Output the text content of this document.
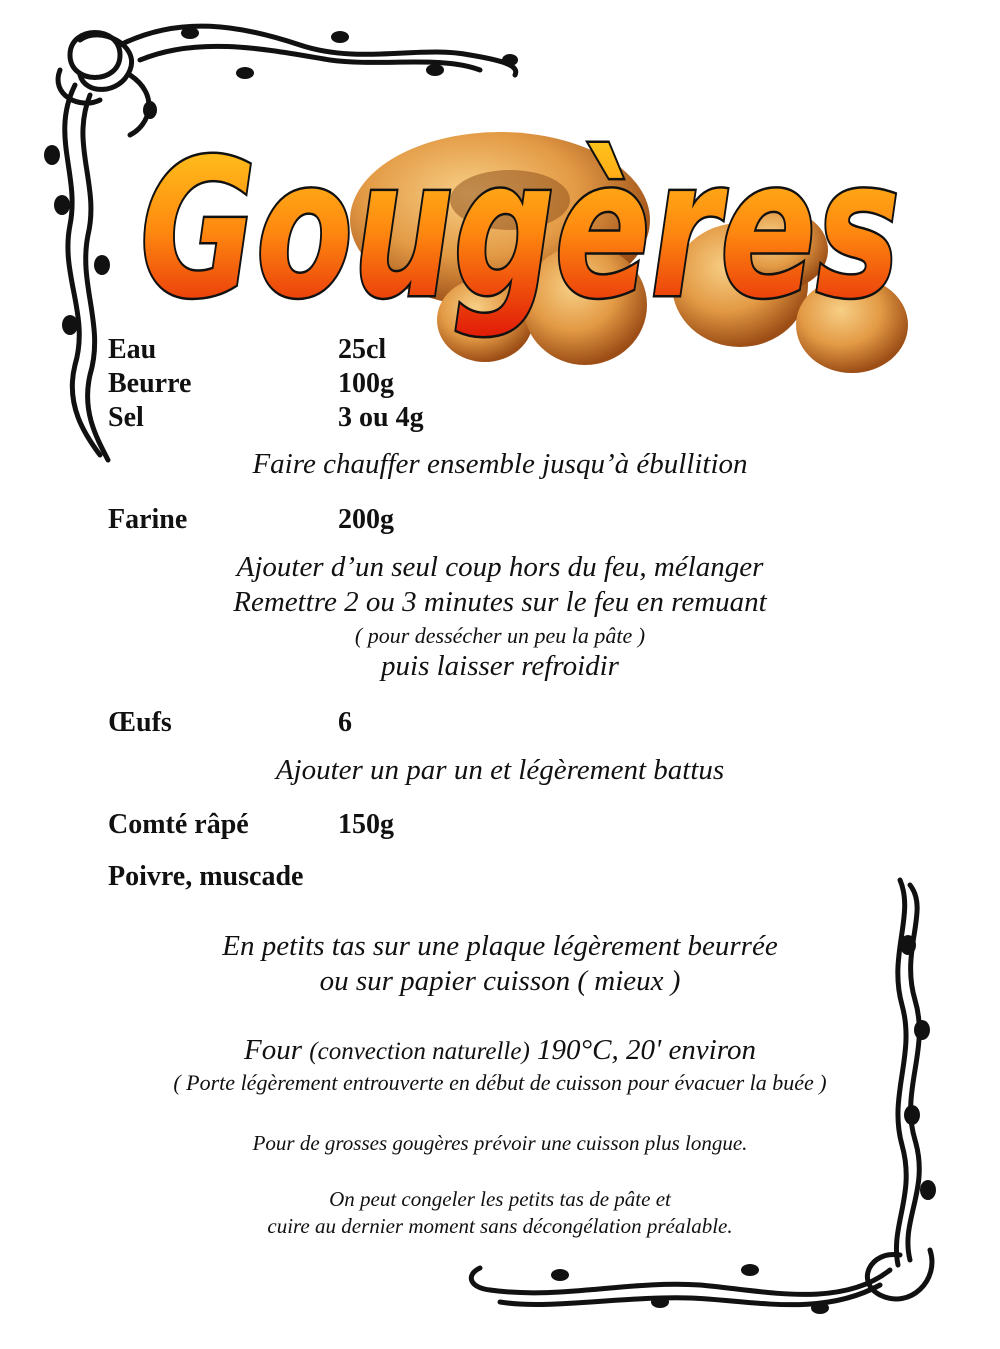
Gougères
Eau	25cl
Beurre	100g
Sel	3 ou 4g
Faire chauffer ensemble jusqu’à ébullition
Farine	200g
Ajouter d’un seul coup hors du feu, mélanger
Remettre 2 ou 3 minutes sur le feu en remuant
( pour dessécher un peu la pâte )
puis laisser refroidir
Œufs	6
Ajouter un par un et légèrement battus
Comté râpé	150g
Poivre, muscade
En petits tas sur une plaque légèrement beurrée
ou sur papier cuisson ( mieux )
Four (convection naturelle) 190°C, 20' environ
( Porte légèrement entrouverte en début de cuisson pour évacuer la buée )
Pour de grosses gougères prévoir une cuisson plus longue.
On peut congeler les petits tas de pâte et
cuire au dernier moment sans décongélation préalable.
